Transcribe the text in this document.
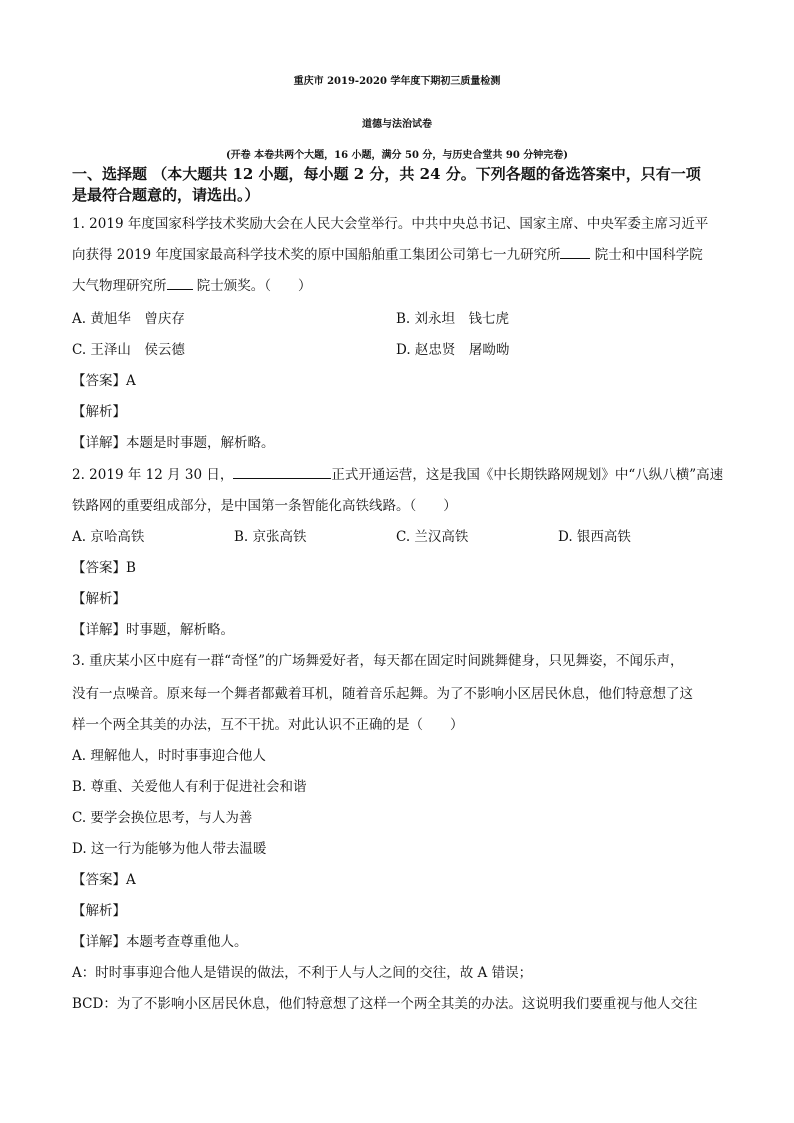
重庆市 2019-2020 学年度下期初三质量检测
道德与法治试卷
(开卷 本卷共两个大题，16 小题，满分 50 分，与历史合堂共 90 分钟完卷)
一、选择题 （本大题共 12 小题，每小题 2 分，共 24 分。下列各题的备选答案中，只有一项
是最符合题意的，请选出。）
1. 2019 年度国家科学技术奖励大会在人民大会堂举行。中共中央总书记、国家主席、中央军委主席习近平
向获得 2019 年度国家最高科学技术奖的原中国船舶重工集团公司第七一九研究所 院士和中国科学院
大气物理研究所 院士颁奖。（　　）
A. 黄旭华　曾庆存	B. 刘永坦　钱七虎
C. 王泽山　侯云德	D. 赵忠贤　屠呦呦
【答案】A
【解析】
【详解】本题是时事题，解析略。
2. 2019 年 12 月 30 日，	正式开通运营，这是我国《中长期铁路网规划》中“八纵八横”高速
铁路网的重要组成部分，是中国第一条智能化高铁线路。（　　）
A. 京哈高铁	B. 京张高铁	C. 兰汉高铁	D. 银西高铁
【答案】B
【解析】
【详解】时事题，解析略。
3. 重庆某小区中庭有一群“奇怪”的广场舞爱好者，每天都在固定时间跳舞健身，只见舞姿，不闻乐声，
没有一点噪音。原来每一个舞者都戴着耳机，随着音乐起舞。为了不影响小区居民休息，他们特意想了这
样一个两全其美的办法，互不干扰。对此认识不正确的是（　　）
A. 理解他人，时时事事迎合他人
B. 尊重、关爱他人有利于促进社会和谐
C. 要学会换位思考，与人为善
D. 这一行为能够为他人带去温暖
【答案】A
【解析】
【详解】本题考查尊重他人。
A：时时事事迎合他人是错误的做法，不利于人与人之间的交往，故 A 错误；
BCD：为了不影响小区居民休息，他们特意想了这样一个两全其美的办法。这说明我们要重视与他人交往
